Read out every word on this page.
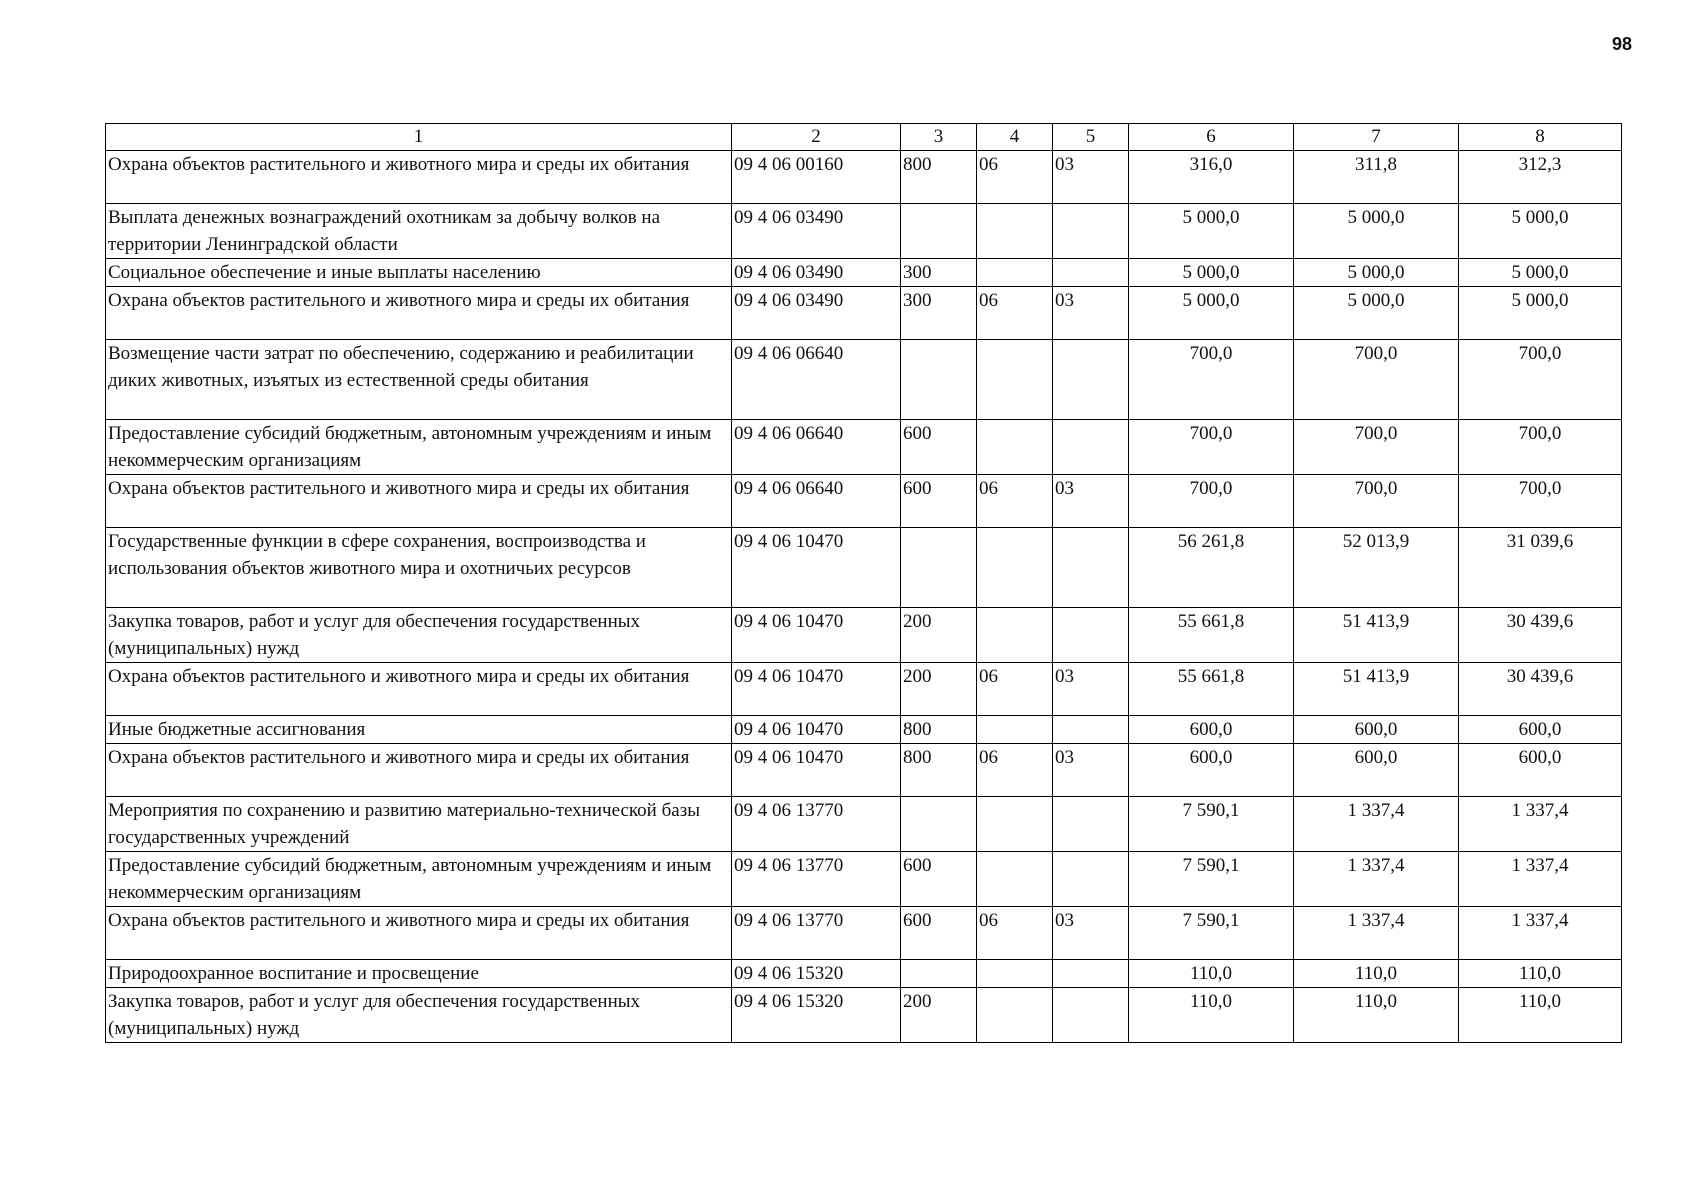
98
1	2	3	4	5	6	7	8
Охрана объектов растительного и животного мира и среды их обитания	09 4 06 00160	800	06	03	316,0	311,8	312,3
Выплата денежных вознаграждений охотникам за добычу волков на территории Ленинградской области	09 4 06 03490				5 000,0	5 000,0	5 000,0
Социальное обеспечение и иные выплаты населению	09 4 06 03490	300			5 000,0	5 000,0	5 000,0
Охрана объектов растительного и животного мира и среды их обитания	09 4 06 03490	300	06	03	5 000,0	5 000,0	5 000,0
Возмещение части затрат по обеспечению, содержанию и реабилитации диких животных, изъятых из естественной среды обитания	09 4 06 06640				700,0	700,0	700,0
Предоставление субсидий бюджетным, автономным учреждениям и иным некоммерческим организациям	09 4 06 06640	600			700,0	700,0	700,0
Охрана объектов растительного и животного мира и среды их обитания	09 4 06 06640	600	06	03	700,0	700,0	700,0
Государственные функции в сфере сохранения, воспроизводства и использования объектов животного мира и охотничьих ресурсов	09 4 06 10470				56 261,8	52 013,9	31 039,6
Закупка товаров, работ и услуг для обеспечения государственных (муниципальных) нужд	09 4 06 10470	200			55 661,8	51 413,9	30 439,6
Охрана объектов растительного и животного мира и среды их обитания	09 4 06 10470	200	06	03	55 661,8	51 413,9	30 439,6
Иные бюджетные ассигнования	09 4 06 10470	800			600,0	600,0	600,0
Охрана объектов растительного и животного мира и среды их обитания	09 4 06 10470	800	06	03	600,0	600,0	600,0
Мероприятия по сохранению и развитию материально-технической базы государственных учреждений	09 4 06 13770				7 590,1	1 337,4	1 337,4
Предоставление субсидий бюджетным, автономным учреждениям и иным некоммерческим организациям	09 4 06 13770	600			7 590,1	1 337,4	1 337,4
Охрана объектов растительного и животного мира и среды их обитания	09 4 06 13770	600	06	03	7 590,1	1 337,4	1 337,4
Природоохранное воспитание и просвещение	09 4 06 15320				110,0	110,0	110,0
Закупка товаров, работ и услуг для обеспечения государственных (муниципальных) нужд	09 4 06 15320	200			110,0	110,0	110,0
